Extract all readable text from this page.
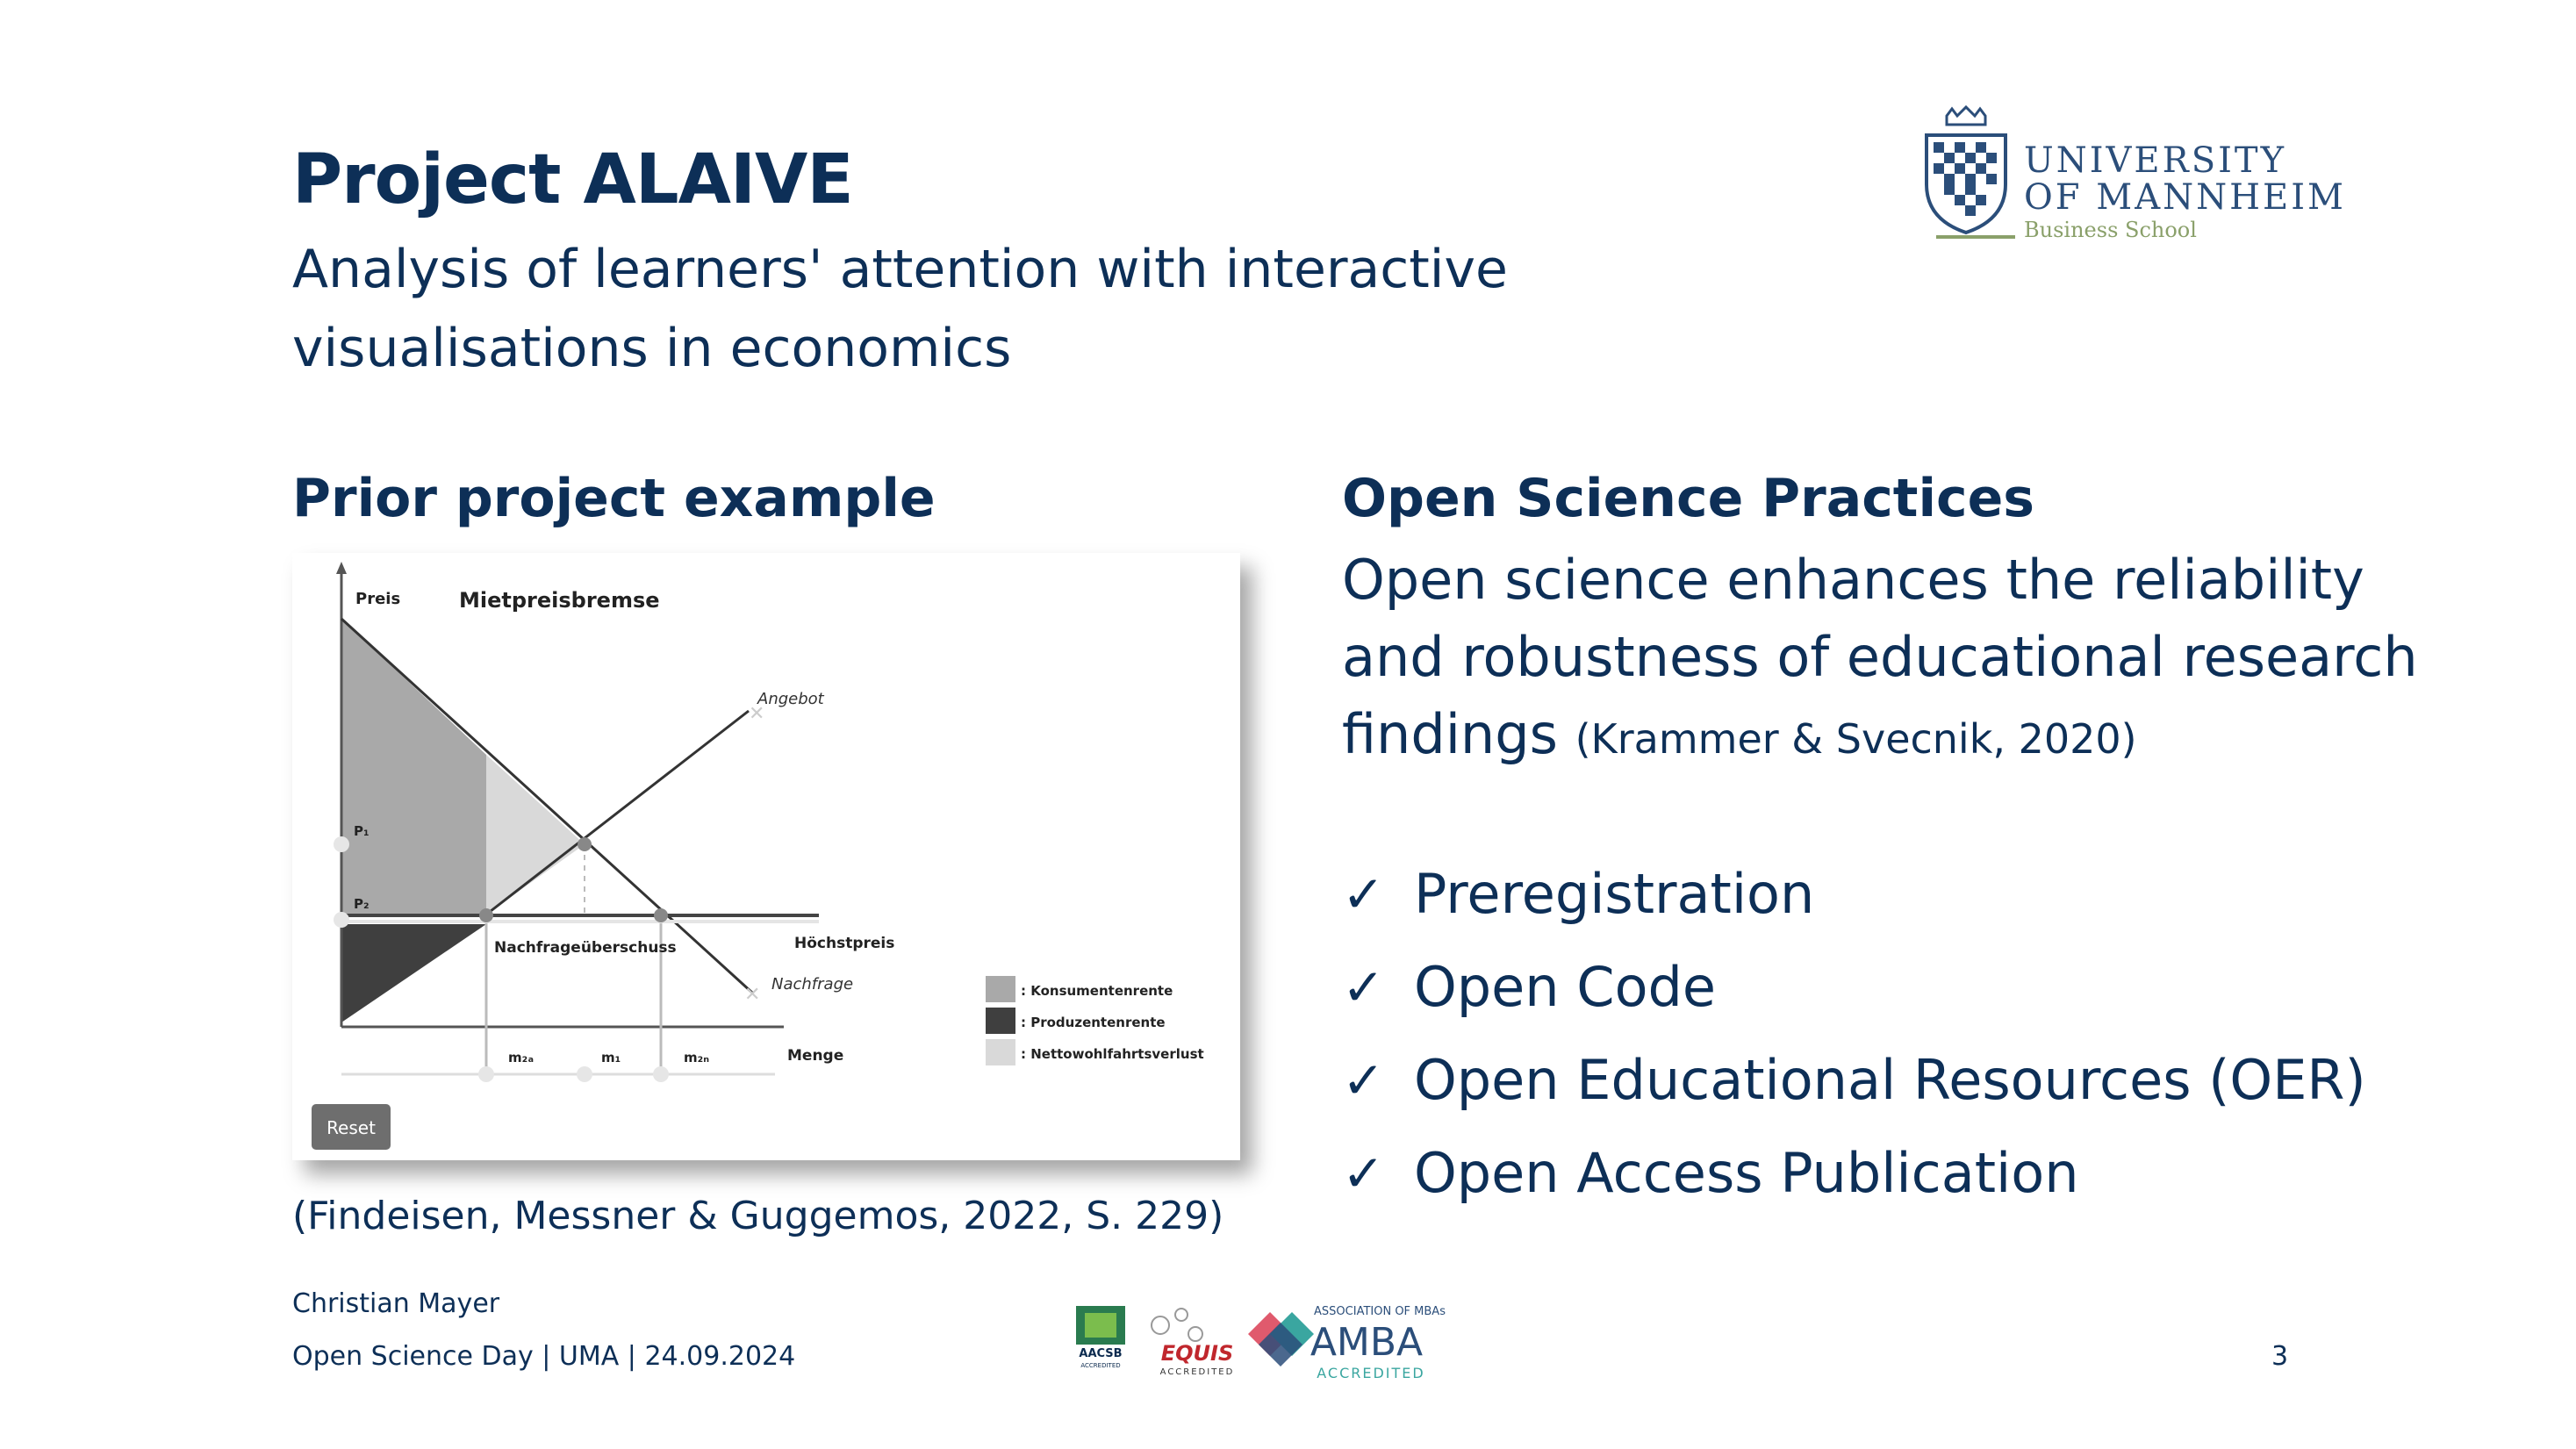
Project ALAIVE
Analysis of learners' attention with interactive visualisations in economics
UNIVERSITY
OF MANNHEIM
Business School
Prior project example	Open Science Practices
Open science enhances the reliability and robustness of educational research findings (Krammer & Svecnik, 2020)
✓ Preregistration
✓ Open Code
✓ Open Educational Resources (OER)
✓ Open Access Publication
✕
✕
Mietpreisbremse
Preis
Menge
P₁
P₂
Angebot
Nachfrage
Höchstpreis
Nachfrageüberschuss
m₂ₐ	m₁	m₂ₙ
: Konsumentenrente
: Produzentenrente
: Nettowohlfahrtsverlust
Reset
(Findeisen, Messner & Guggemos, 2022, S. 229)
Christian Mayer
Open Science Day | UMA | 24.09.2024	3
AACSB
ACCREDITED EQUIS
ACCREDITED
ASSOCIATION OF MBAs
AMBA
ACCREDITED
